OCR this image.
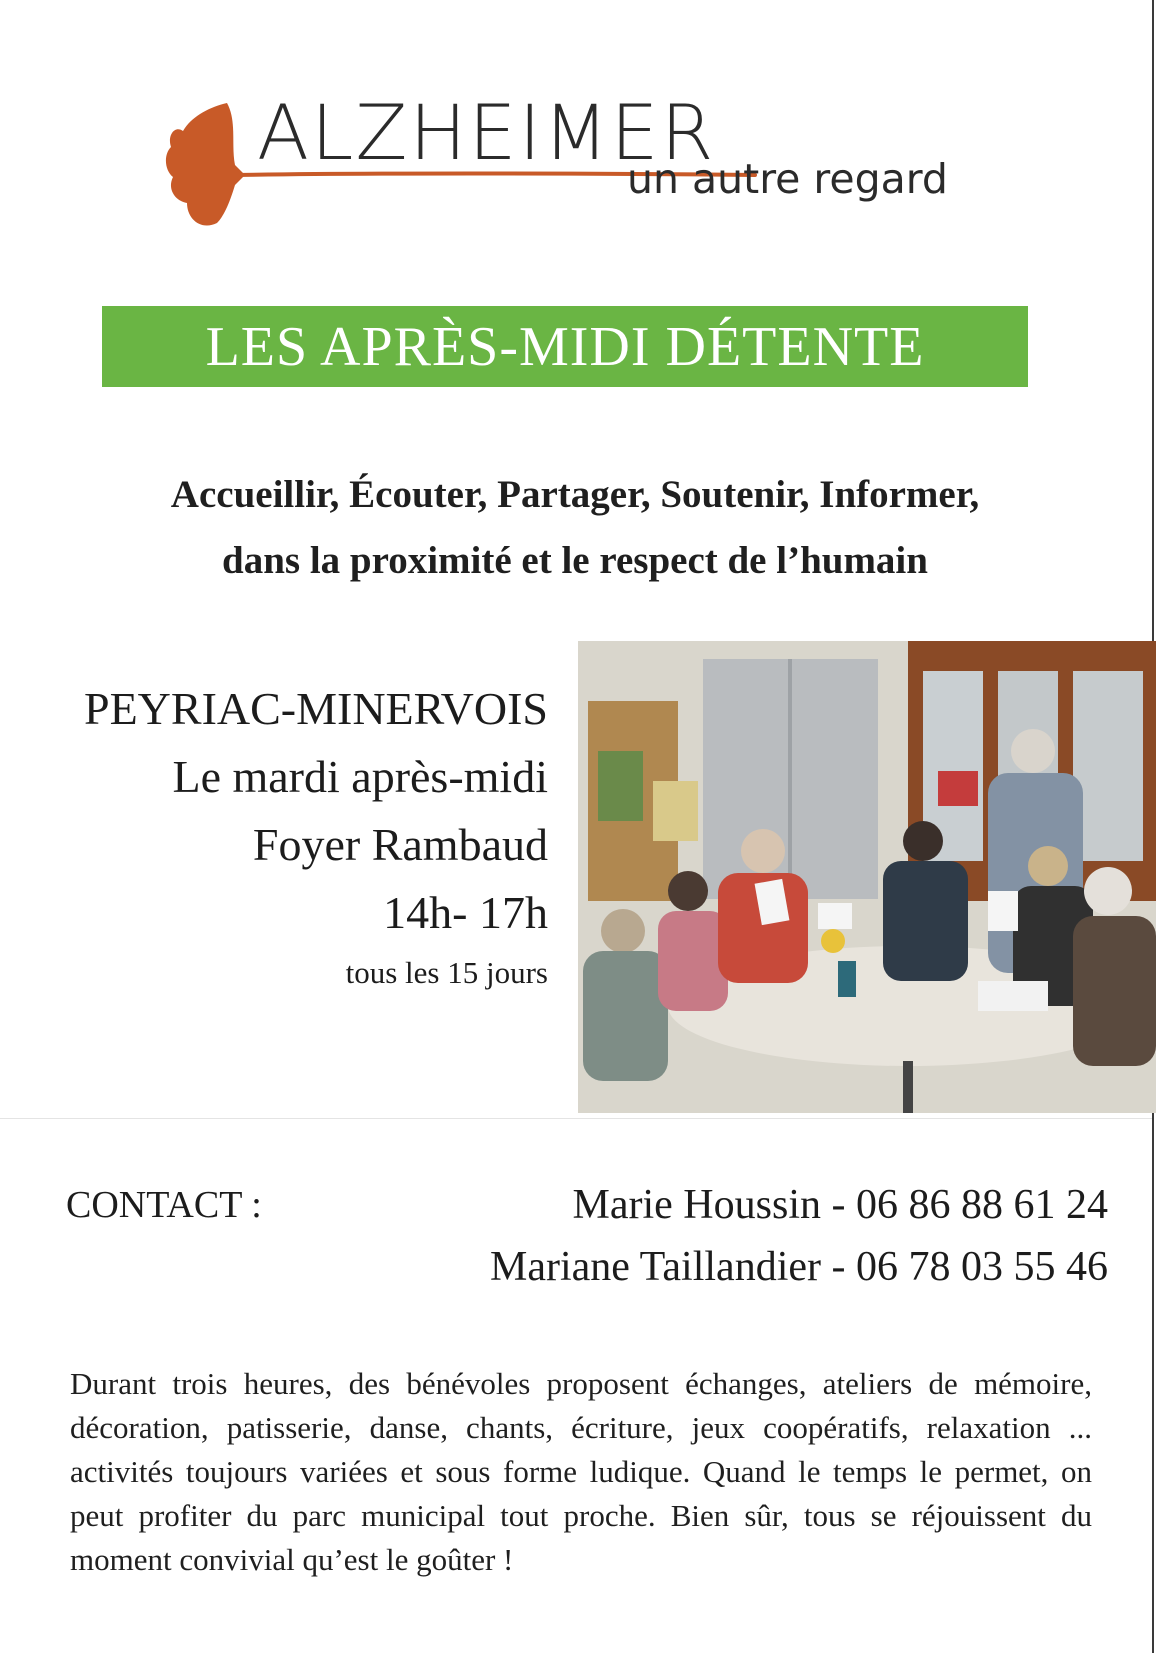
ALZHEIMER
un autre regard
LES APRÈS-MIDI DÉTENTE
Accueillir, Écouter, Partager, Soutenir, Informer,
dans la proximité et le respect de l’humain
PEYRIAC-MINERVOIS
Le mardi après-midi
Foyer Rambaud
14h- 17h
tous les 15 jours
CONTACT :	Marie Houssin - 06 86 88 61 24
Mariane Taillandier - 06 78 03 55 46
Durant trois heures, des bénévoles proposent échanges, ateliers de mémoire, décoration, patisserie, danse, chants, écriture, jeux coopératifs, relaxation ... activités toujours variées et sous forme ludique. Quand le temps le permet, on peut profiter du parc municipal tout proche. Bien sûr, tous se réjouissent du moment convivial qu’est le goûter !
